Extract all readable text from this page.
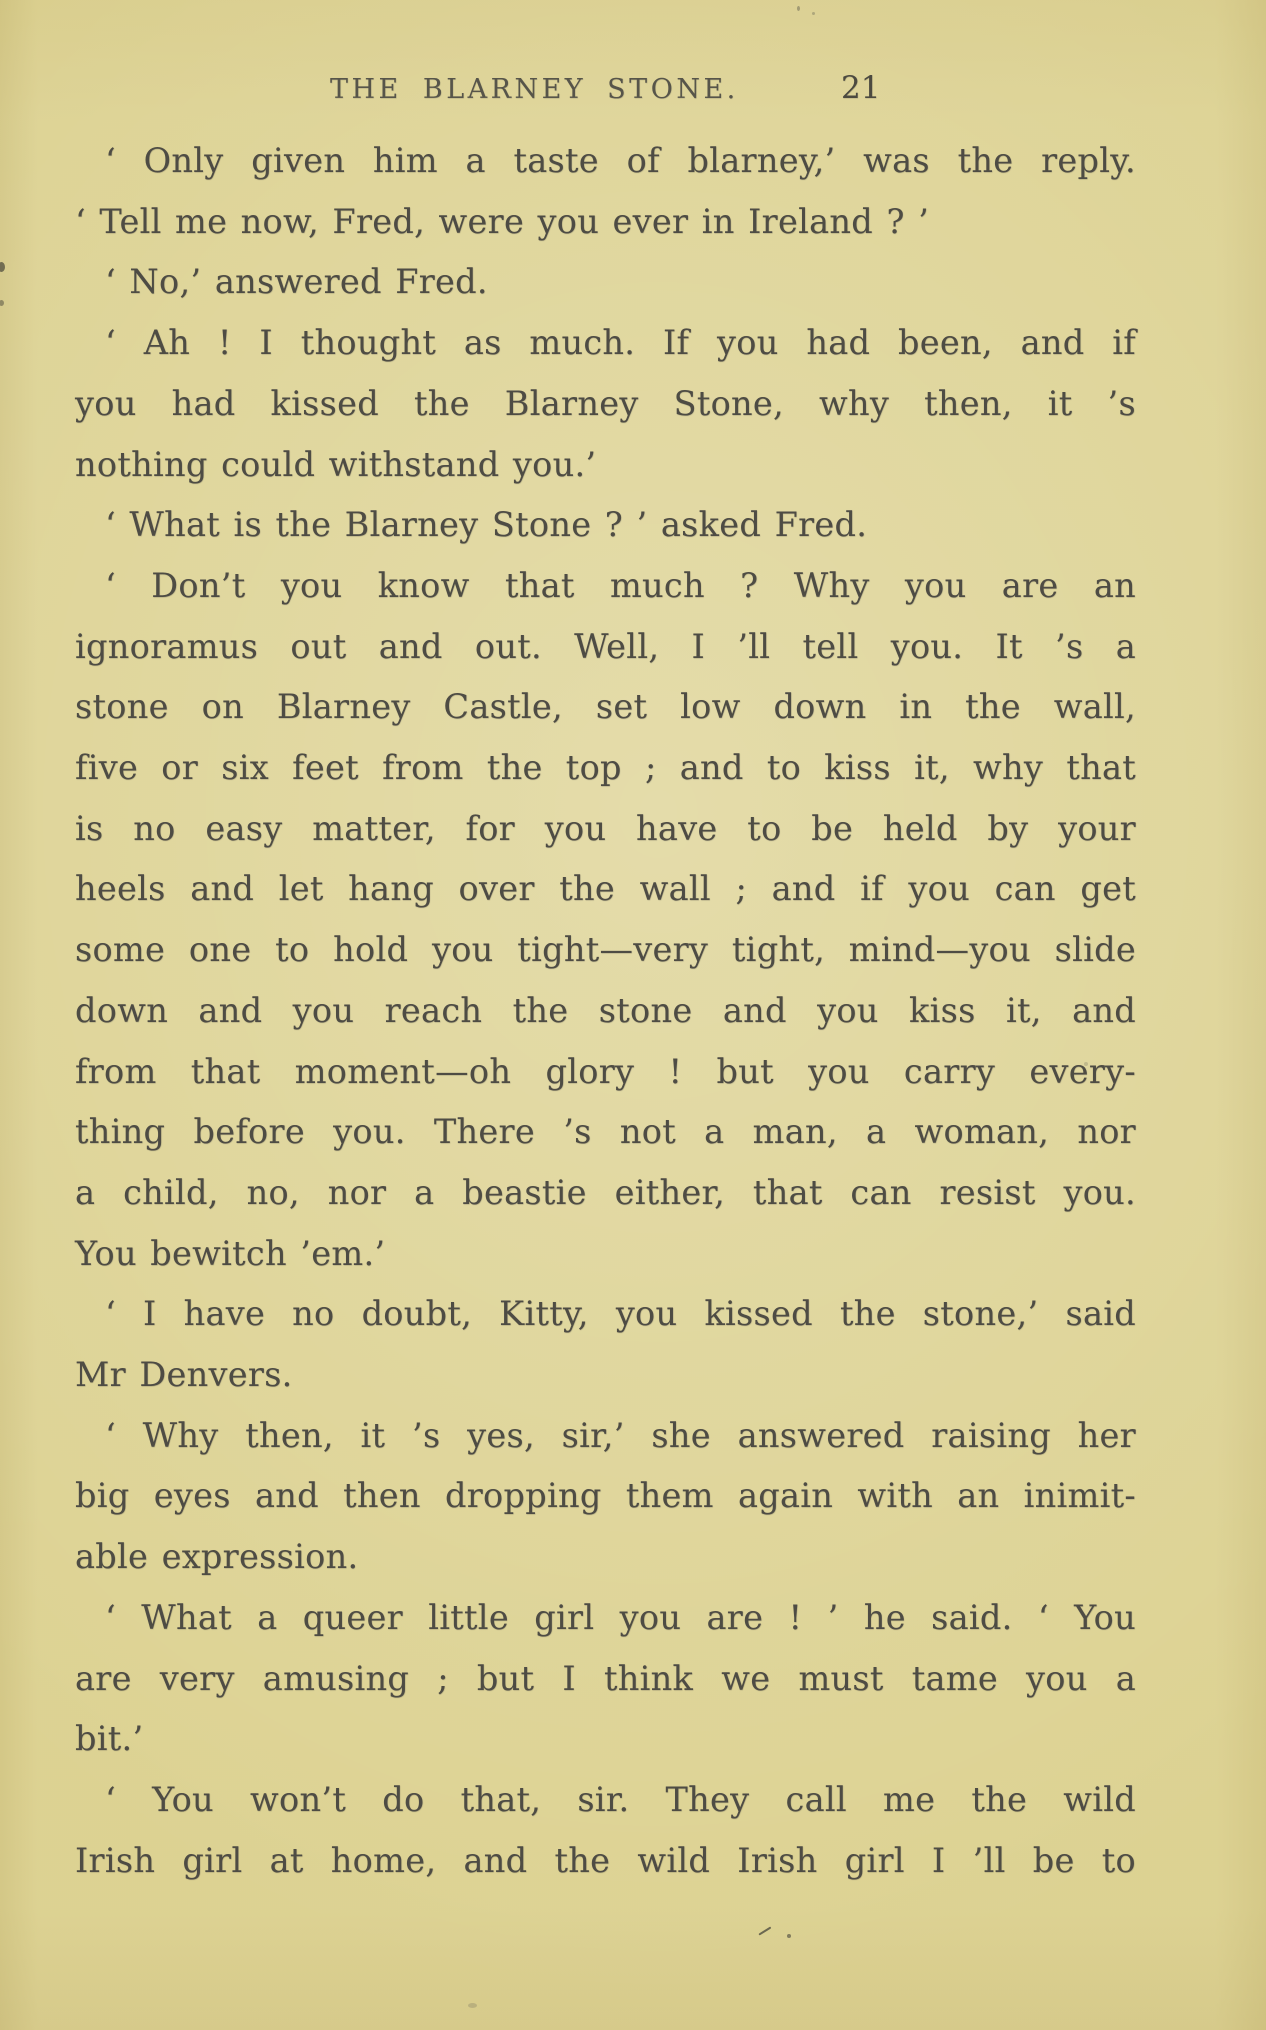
THE BLARNEY STONE.	21
‘ Only given him a taste of blarney,’ was the reply.
‘ Tell me now, Fred, were you ever in Ireland ? ’
‘ No,’ answered Fred.
‘ Ah ! I thought as much. If you had been, and if
you had kissed the Blarney Stone, why then, it ’s
nothing could withstand you.’
‘ What is the Blarney Stone ? ’ asked Fred.
‘ Don’t you know that much ? Why you are an
ignoramus out and out. Well, I ’ll tell you. It ’s a
stone on Blarney Castle, set low down in the wall,
five or six feet from the top ; and to kiss it, why that
is no easy matter, for you have to be held by your
heels and let hang over the wall ; and if you can get
some one to hold you tight—very tight, mind—you slide
down and you reach the stone and you kiss it, and
from that moment—oh glory ! but you carry every-
thing before you. There ’s not a man, a woman, nor
a child, no, nor a beastie either, that can resist you.
You bewitch ’em.’
‘ I have no doubt, Kitty, you kissed the stone,’ said
Mr Denvers.
‘ Why then, it ’s yes, sir,’ she answered raising her
big eyes and then dropping them again with an inimit-
able expression.
‘ What a queer little girl you are ! ’ he said. ‘ You
are very amusing ; but I think we must tame you a
bit.’
‘ You won’t do that, sir. They call me the wild
Irish girl at home, and the wild Irish girl I ’ll be to
